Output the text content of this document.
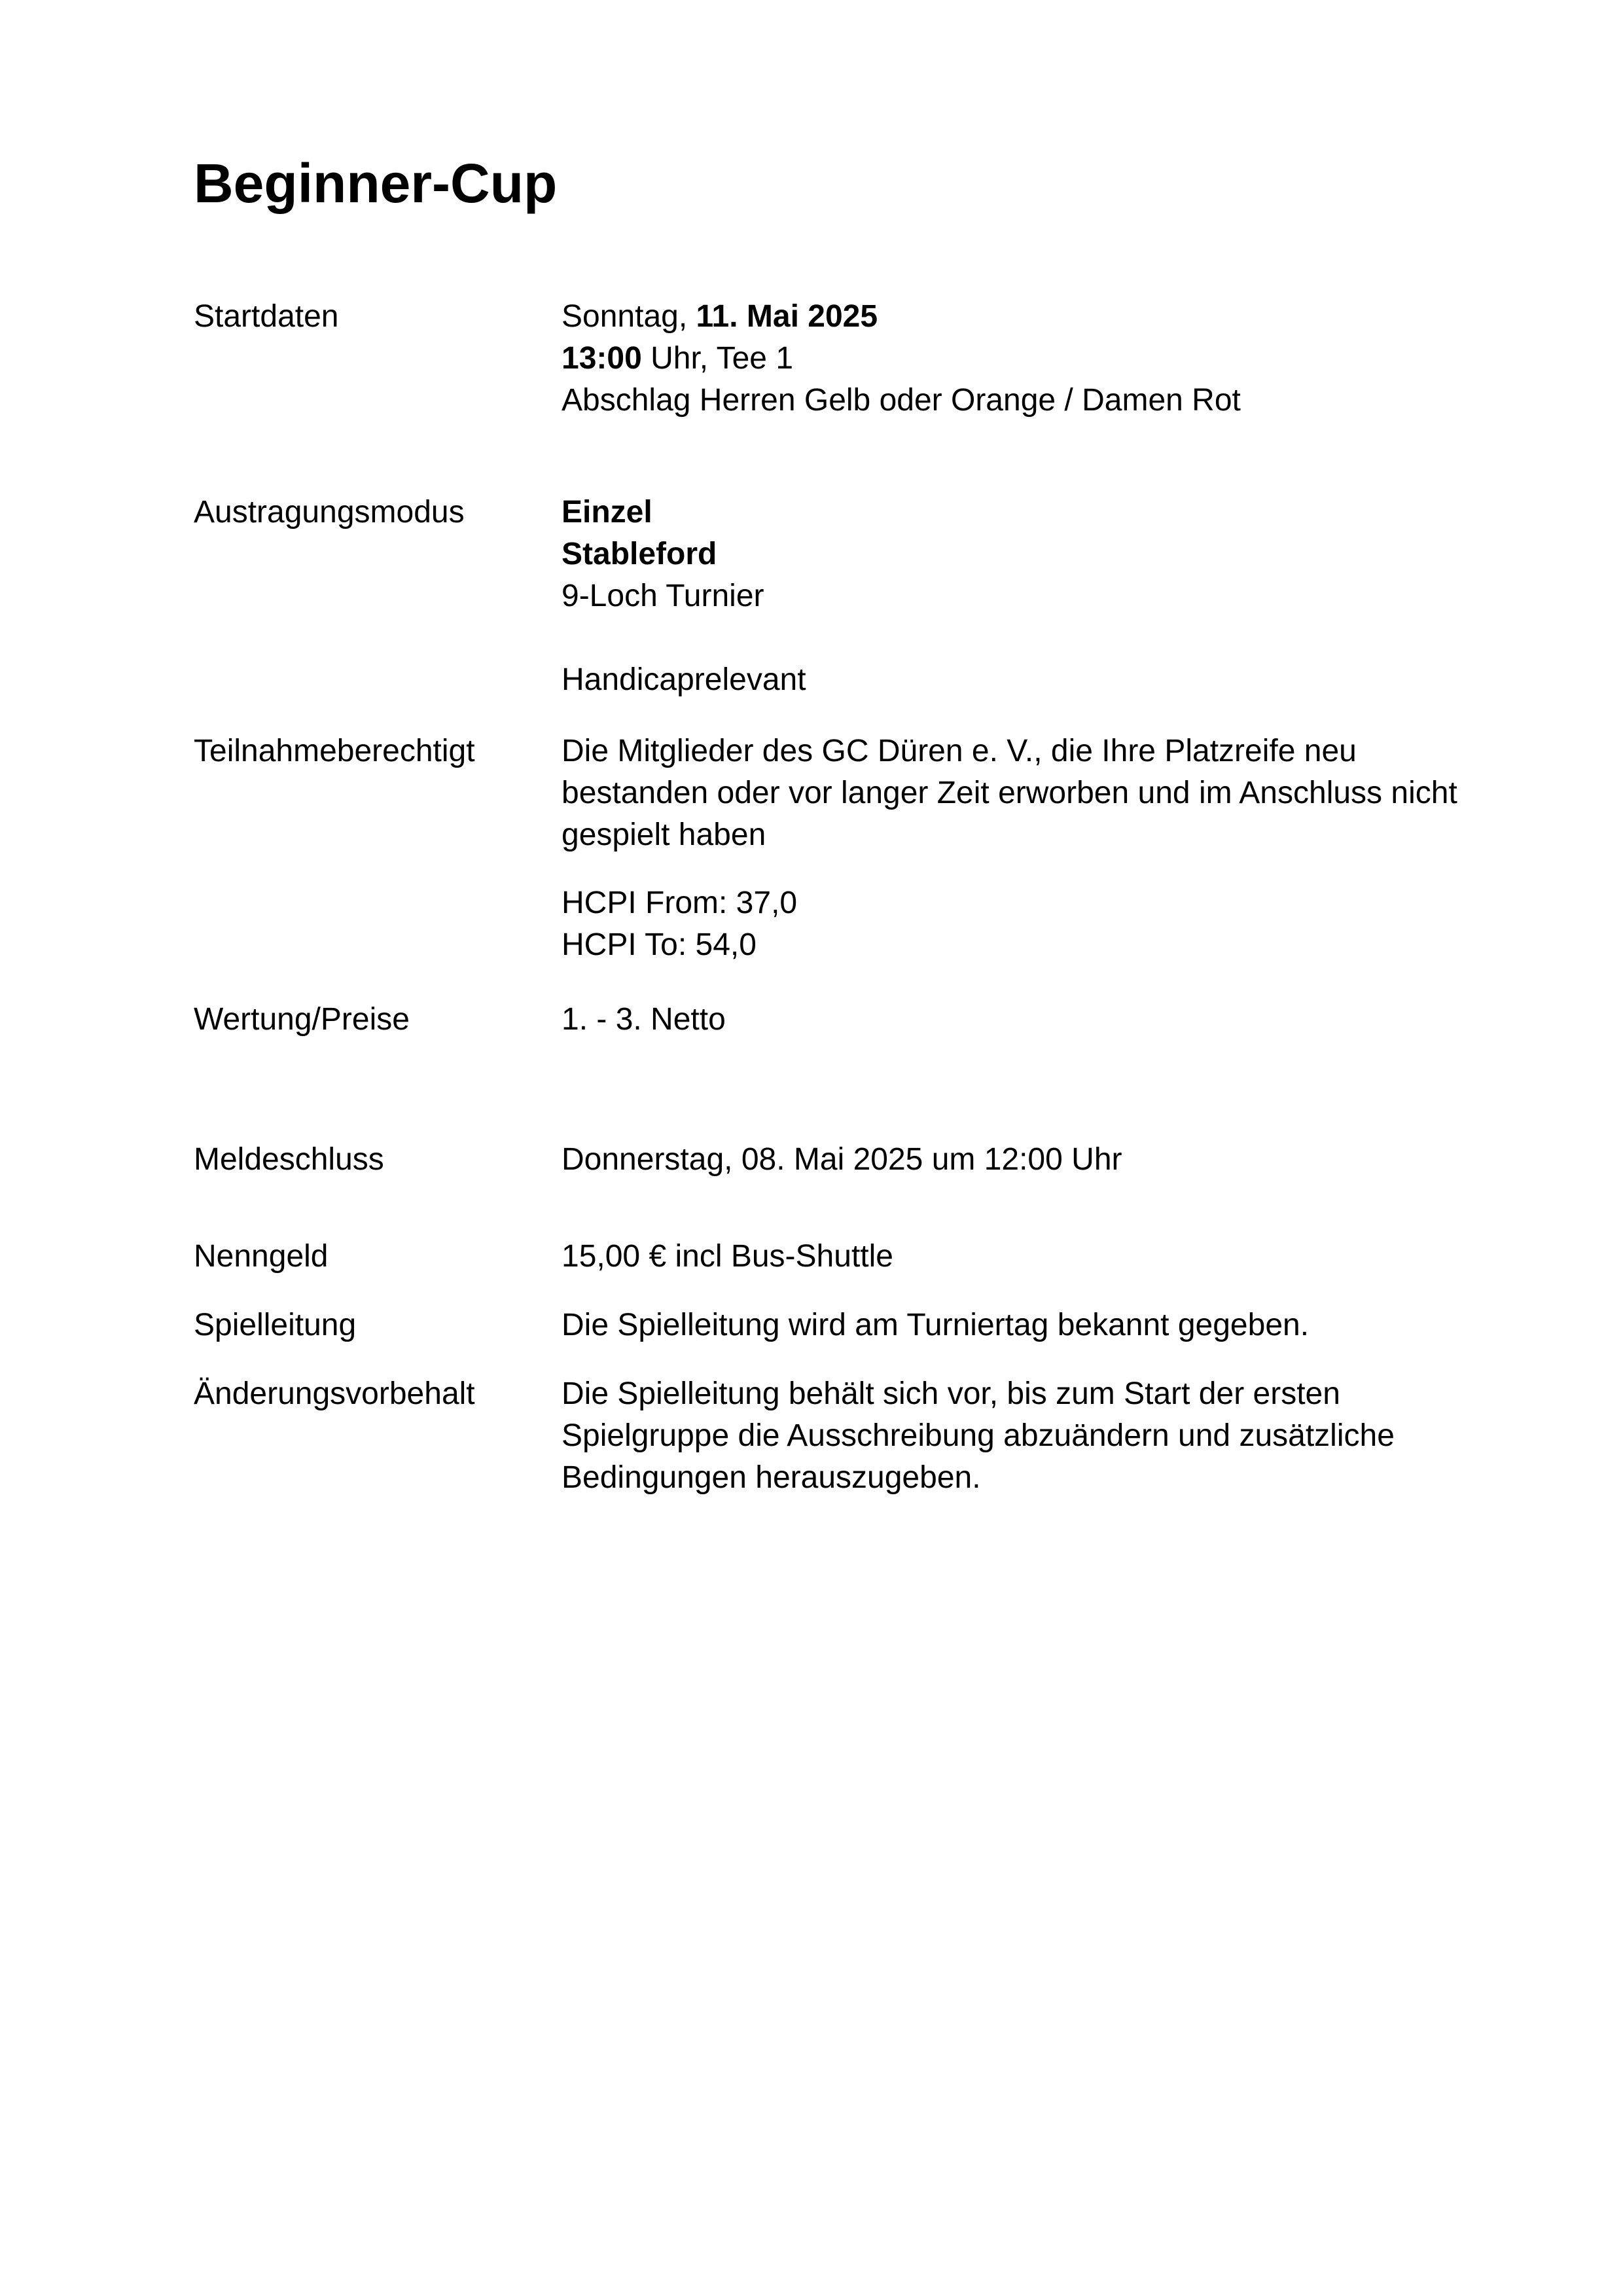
Beginner-Cup
Startdaten	Sonntag, 11. Mai 2025
13:00 Uhr, Tee 1
Abschlag Herren Gelb oder Orange / Damen Rot
Austragungsmodus	Einzel
Stableford
9-Loch Turnier
Handicaprelevant
Teilnahmeberechtigt	Die Mitglieder des GC Düren e. V., die Ihre Platzreife neu bestanden oder vor langer Zeit erworben und im Anschluss nicht gespielt haben
HCPI From: 37,0
HCPI To: 54,0
Wertung/Preise	1. - 3. Netto
Meldeschluss	Donnerstag, 08. Mai 2025 um 12:00 Uhr
Nenngeld	15,00 € incl Bus-Shuttle
Spielleitung	Die Spielleitung wird am Turniertag bekannt gegeben.
Änderungsvorbehalt	Die Spielleitung behält sich vor, bis zum Start der ersten Spielgruppe die Ausschreibung abzuändern und zusätzliche Bedingungen herauszugeben.
